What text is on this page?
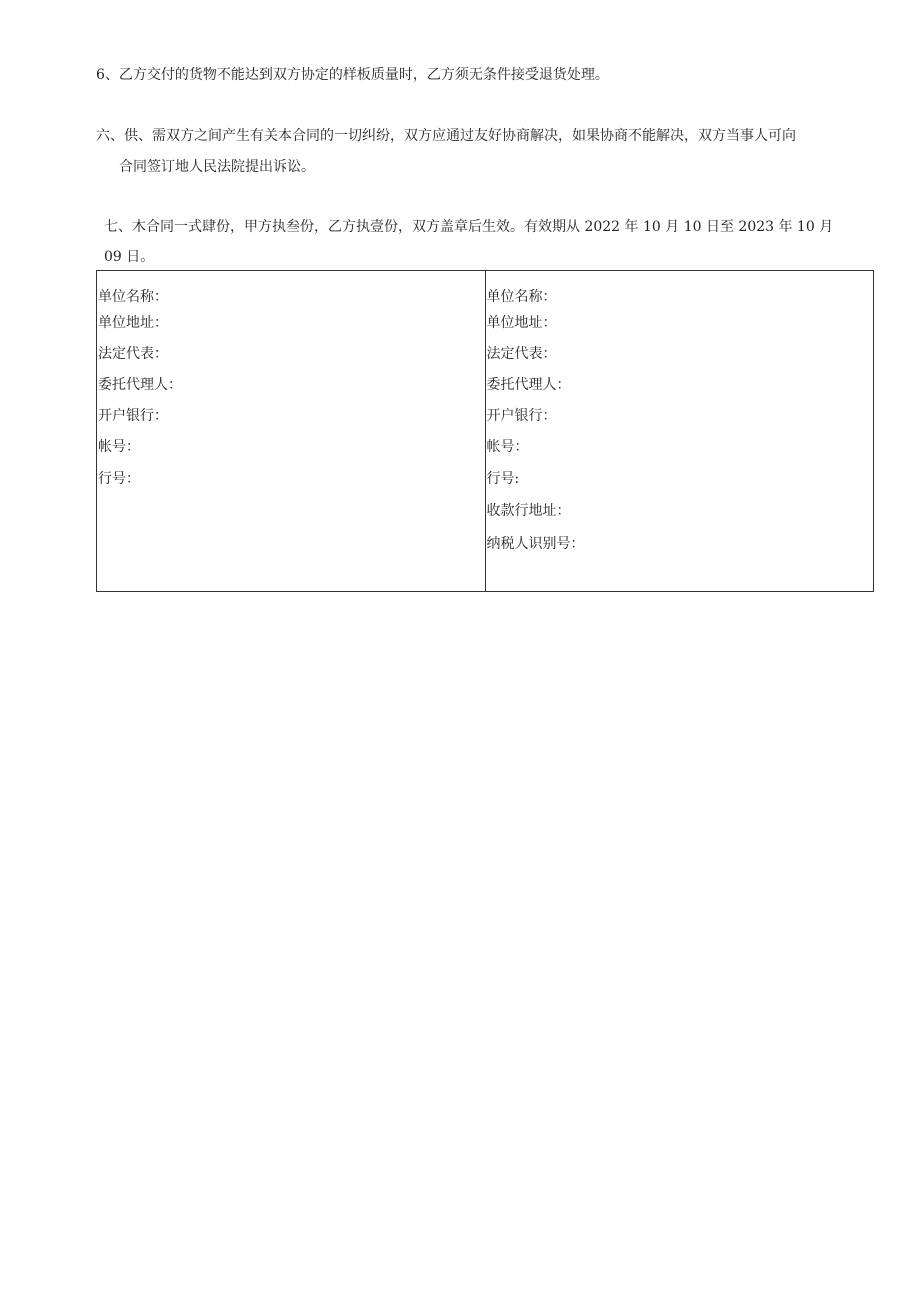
6、乙方交付的货物不能达到双方协定的样板质量时，乙方须无条件接受退货处理。

六、供、需双方之间产生有关本合同的一切纠纷，双方应通过友好协商解决，如果协商不能解决，双方当事人可向
合同签订地人民法院提出诉讼。

七、木合同一式肆份，甲方执叁份，乙方执壹份，双方盖章后生效。有效期从 2022 年 10 月 10 日至 2023 年 10 月
09 日。

单位名称：
单位地址：
法定代表：
委托代理人：
开户银行：
帐号：
行号：
单位名称：
单位地址：
法定代表：
委托代理人：
开户银行：
帐号：
行号:
收款行地址：
纳税人识别号：
